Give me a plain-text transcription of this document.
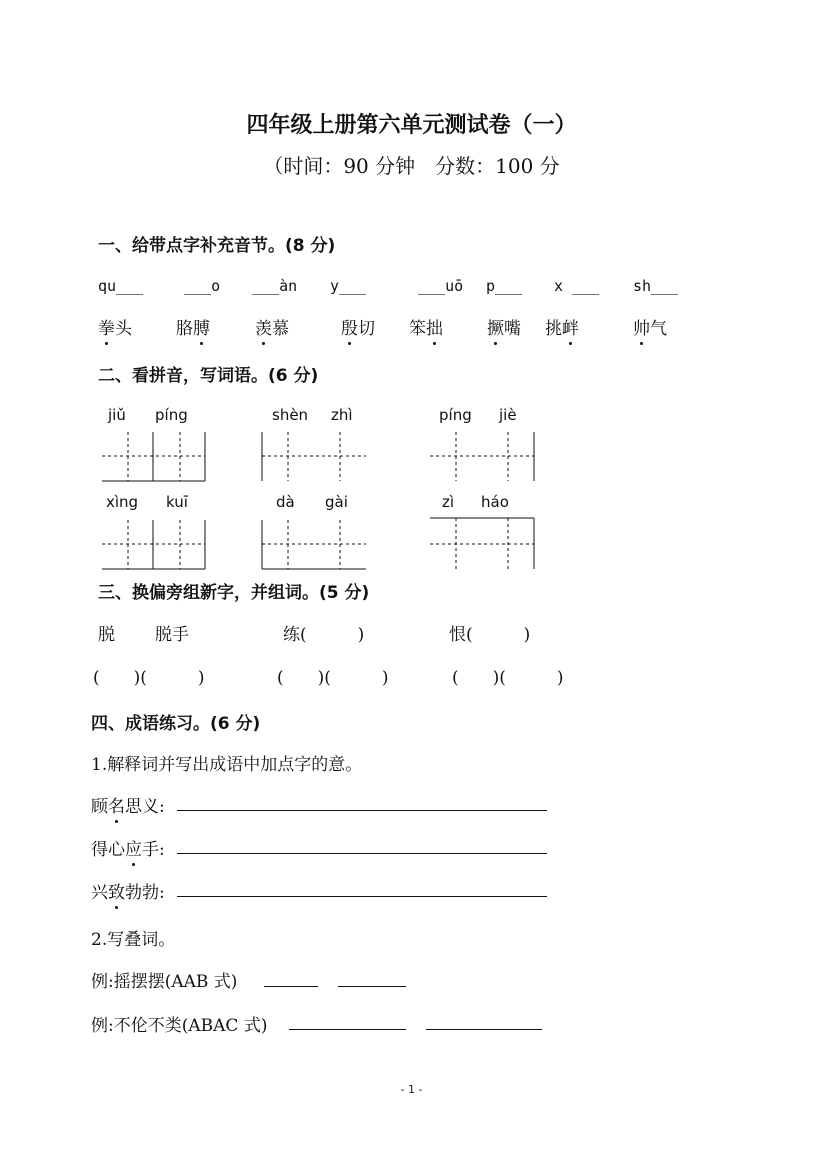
四年级上册第六单元测试卷（一）
（时间：90 分钟　分数：100 分
一、给带点字补充音节。(8 分)
qu___	___o ___àn y___	___uō p___ x ___ sh___
拳头	胳膊	羡慕	殷切 笨拙	撅嘴 挑衅	帅气
二、看拼音，写词语。(6 分)
jiǔ píng	shèn zhì	píng jiè
xìng kuī	dà gài	zì háo
三、换偏旁组新字，并组词。(5 分)
脱 脱手	练(　　　)	恨(　　　)
(　　)(　　　)	(　　)(　　　)	(　　)(　　　)
四、成语练习。(6 分)
1.解释词并写出成语中加点字的意。
顾名思义:
得心应手:
兴致勃勃:
2.写叠词。
例:摇摆摆(AAB 式)
例:不伦不类(ABAC 式)
- 1 -
